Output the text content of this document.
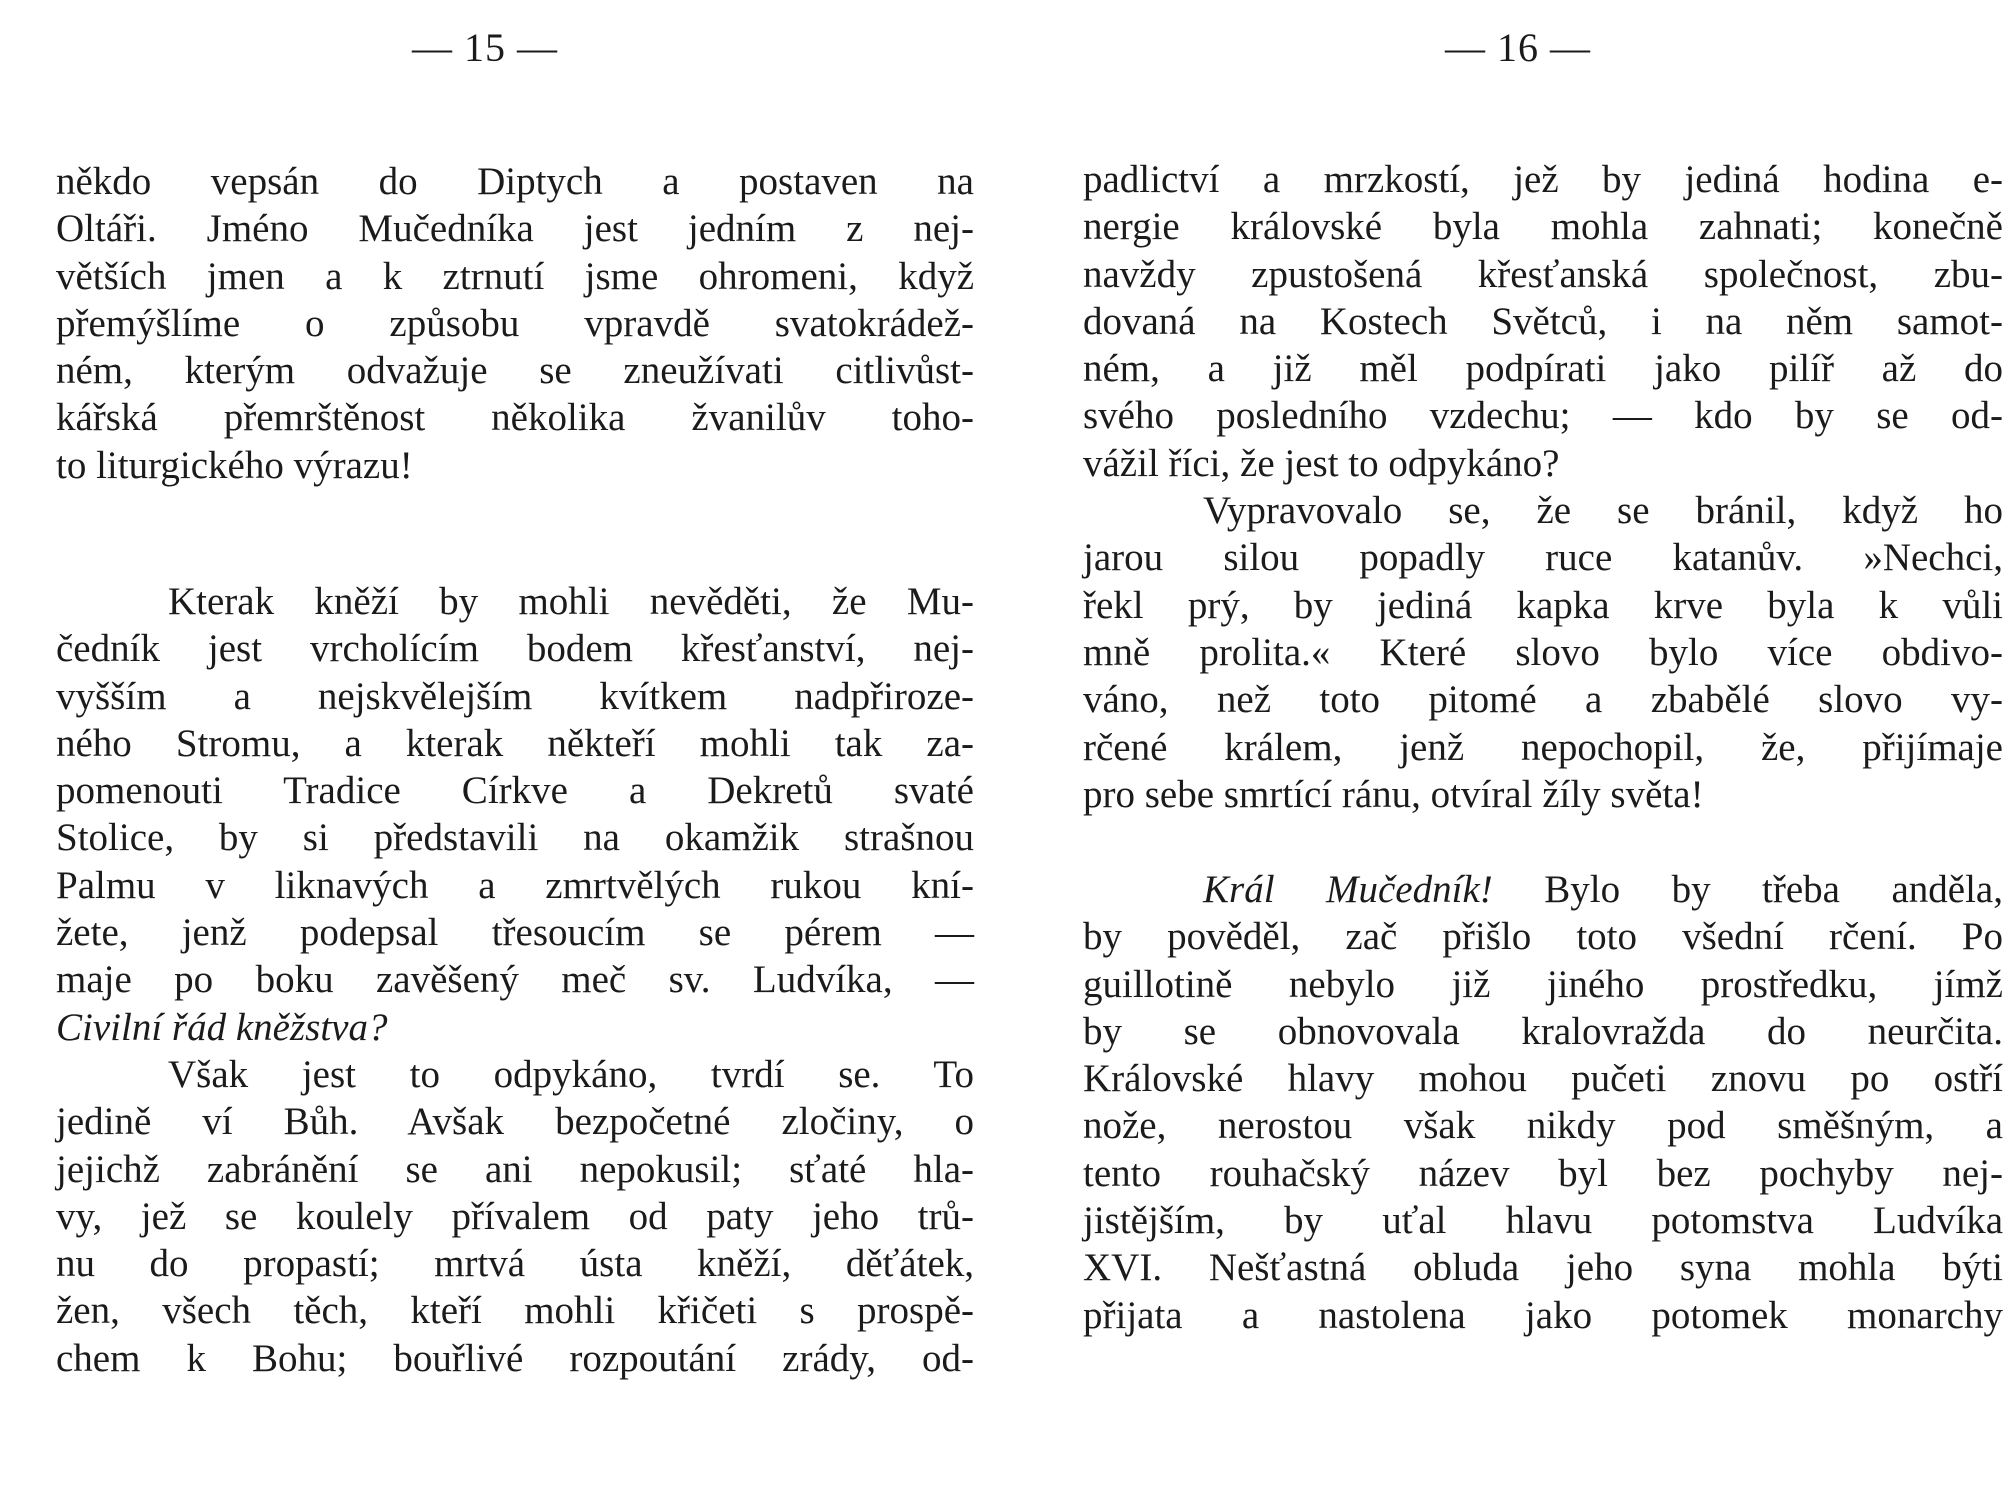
— 15 —
někdo vepsán do Diptych a postaven na
Oltáři. Jméno Mučedníka jest jedním z nej-
větších jmen a k ztrnutí jsme ohromeni, když
přemýšlíme o způsobu vpravdě svatokrádež-
ném, kterým odvažuje se zneužívati citlivůst-
kářská přemrštěnost několika žvanilův toho-
to liturgického výrazu!
Kterak kněží by mohli nevěděti, že Mu-
čedník jest vrcholícím bodem křesťanství, nej-
vyšším a nejskvělejším kvítkem nadpřiroze-
ného Stromu, a kterak někteří mohli tak za-
pomenouti Tradice Církve a Dekretů svaté
Stolice, by si představili na okamžik strašnou
Palmu v liknavých a zmrtvělých rukou kní-
žete, jenž podepsal třesoucím se pérem —
maje po boku zavěšený meč sv. Ludvíka, —
Civilní řád kněžstva?
Však jest to odpykáno, tvrdí se. To
jedině ví Bůh. Avšak bezpočetné zločiny, o
jejichž zabránění se ani nepokusil; sťaté hla-
vy, jež se koulely přívalem od paty jeho trů-
nu do propastí; mrtvá ústa kněží, děťátek,
žen, všech těch, kteří mohli křičeti s prospě-
chem k Bohu; bouřlivé rozpoutání zrády, od-
— 16 —
padlictví a mrzkostí, jež by jediná hodina e-
nergie královské byla mohla zahnati; konečně
navždy zpustošená křesťanská společnost, zbu-
dovaná na Kostech Světců, i na něm samot-
ném, a již měl podpírati jako pilíř až do
svého posledního vzdechu; — kdo by se od-
vážil říci, že jest to odpykáno?
Vypravovalo se, že se bránil, když ho
jarou silou popadly ruce katanův. »Nechci,
řekl prý, by jediná kapka krve byla k vůli
mně prolita.« Které slovo bylo více obdivo-
váno, než toto pitomé a zbabělé slovo vy-
rčené králem, jenž nepochopil, že, přijímaje
pro sebe smrtící ránu, otvíral žíly světa!
Král Mučedník! Bylo by třeba anděla,
by pověděl, zač přišlo toto všední rčení. Po
guillotině nebylo již jiného prostředku, jímž
by se obnovovala kralovražda do neurčita.
Královské hlavy mohou pučeti znovu po ostří
nože, nerostou však nikdy pod směšným, a
tento rouhačský název byl bez pochyby nej-
jistějším, by uťal hlavu potomstva Ludvíka
XVI. Nešťastná obluda jeho syna mohla býti
přijata a nastolena jako potomek monarchy
